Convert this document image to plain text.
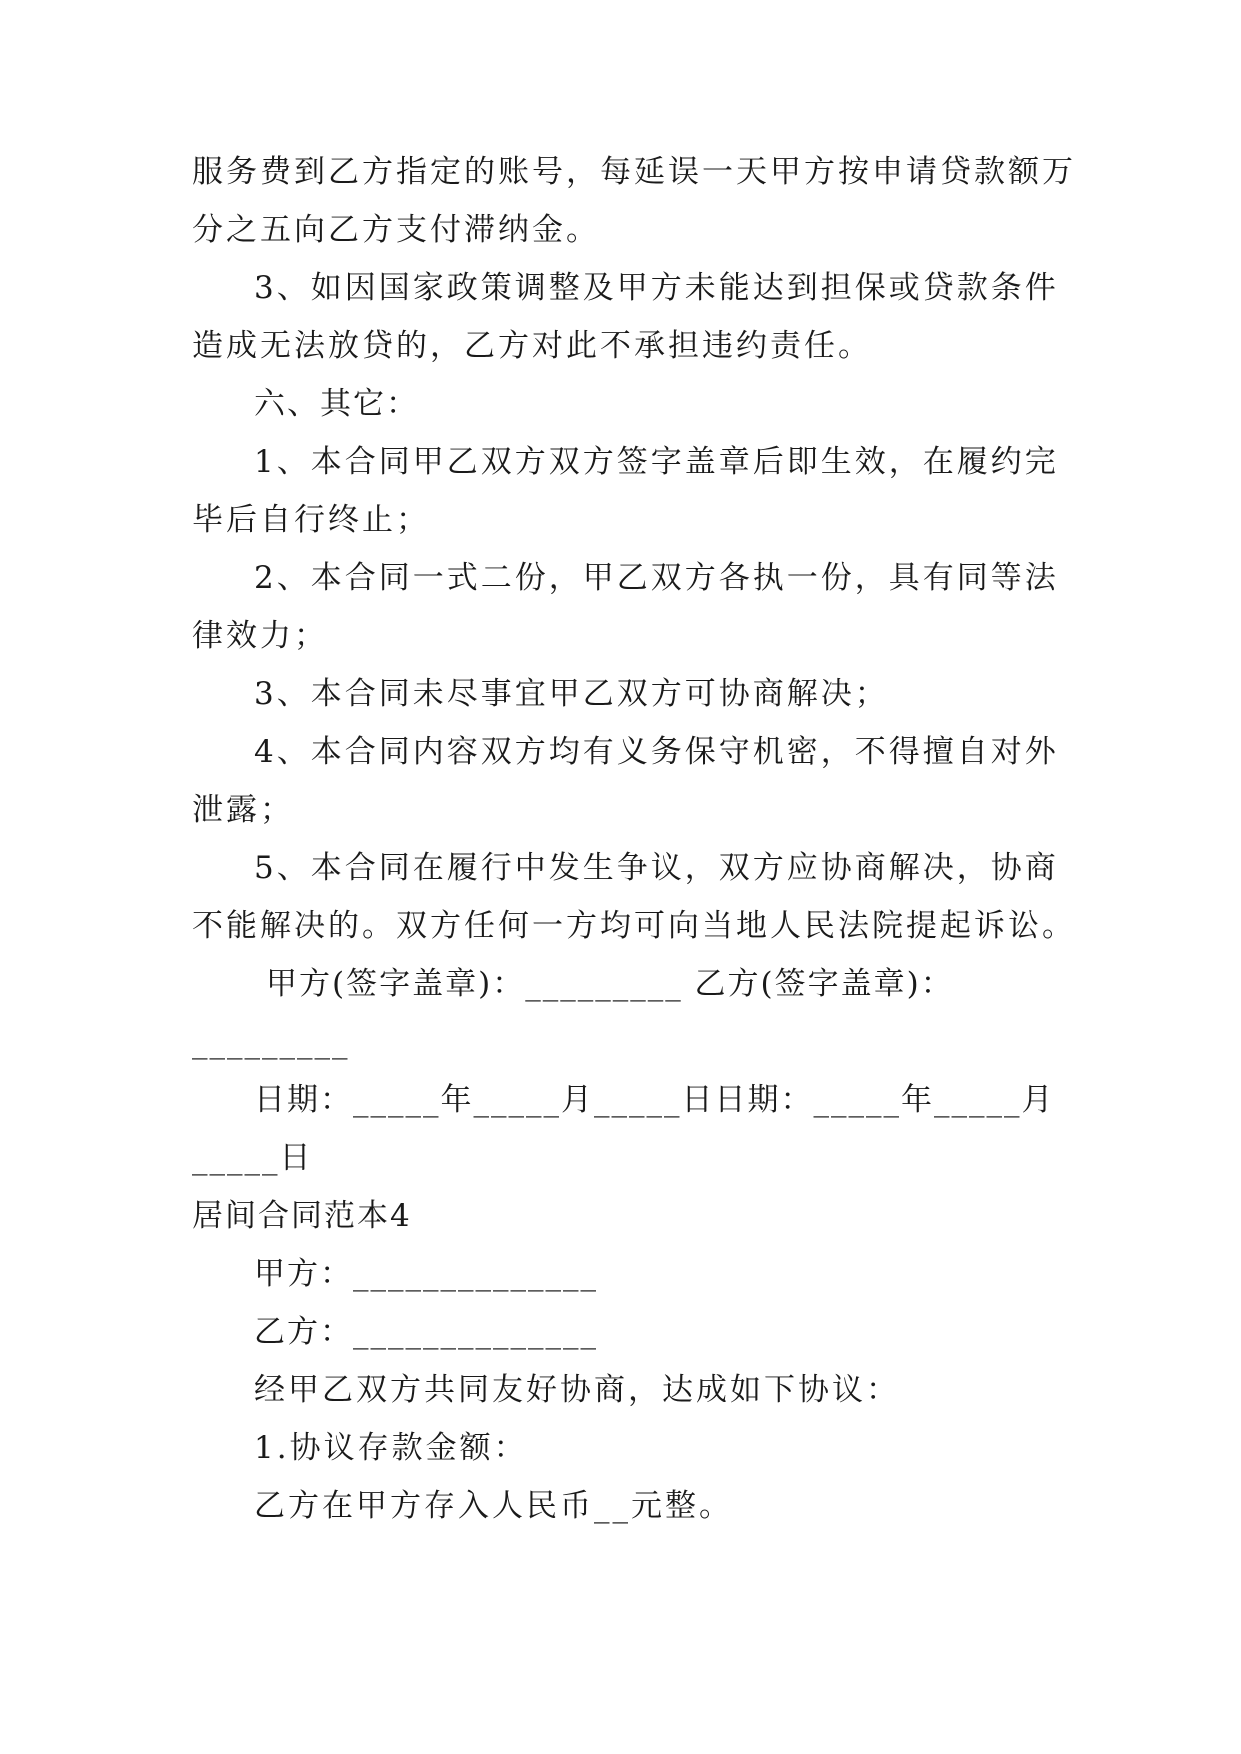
服务费到乙方指定的账号，每延误一天甲方按申请贷款额万
分之五向乙方支付滞纳金。
3、如因国家政策调整及甲方未能达到担保或贷款条件
造成无法放贷的，乙方对此不承担违约责任。
六、其它：
1、本合同甲乙双方双方签字盖章后即生效，在履约完
毕后自行终止；
2、本合同一式二份，甲乙双方各执一份，具有同等法
律效力；
3、本合同未尽事宜甲乙双方可协商解决；
4、本合同内容双方均有义务保守机密，不得擅自对外
泄露；
5、本合同在履行中发生争议，双方应协商解决，协商
不能解决的。双方任何一方均可向当地人民法院提起诉讼。
甲方(签字盖章)：_________ 乙方(签字盖章)：
_________
日期：_____年_____月_____日日期：_____年_____月
_____日
居间合同范本4
甲方：______________
乙方：______________
经甲乙双方共同友好协商，达成如下协议：
1.协议存款金额：
乙方在甲方存入人民币__元整。
